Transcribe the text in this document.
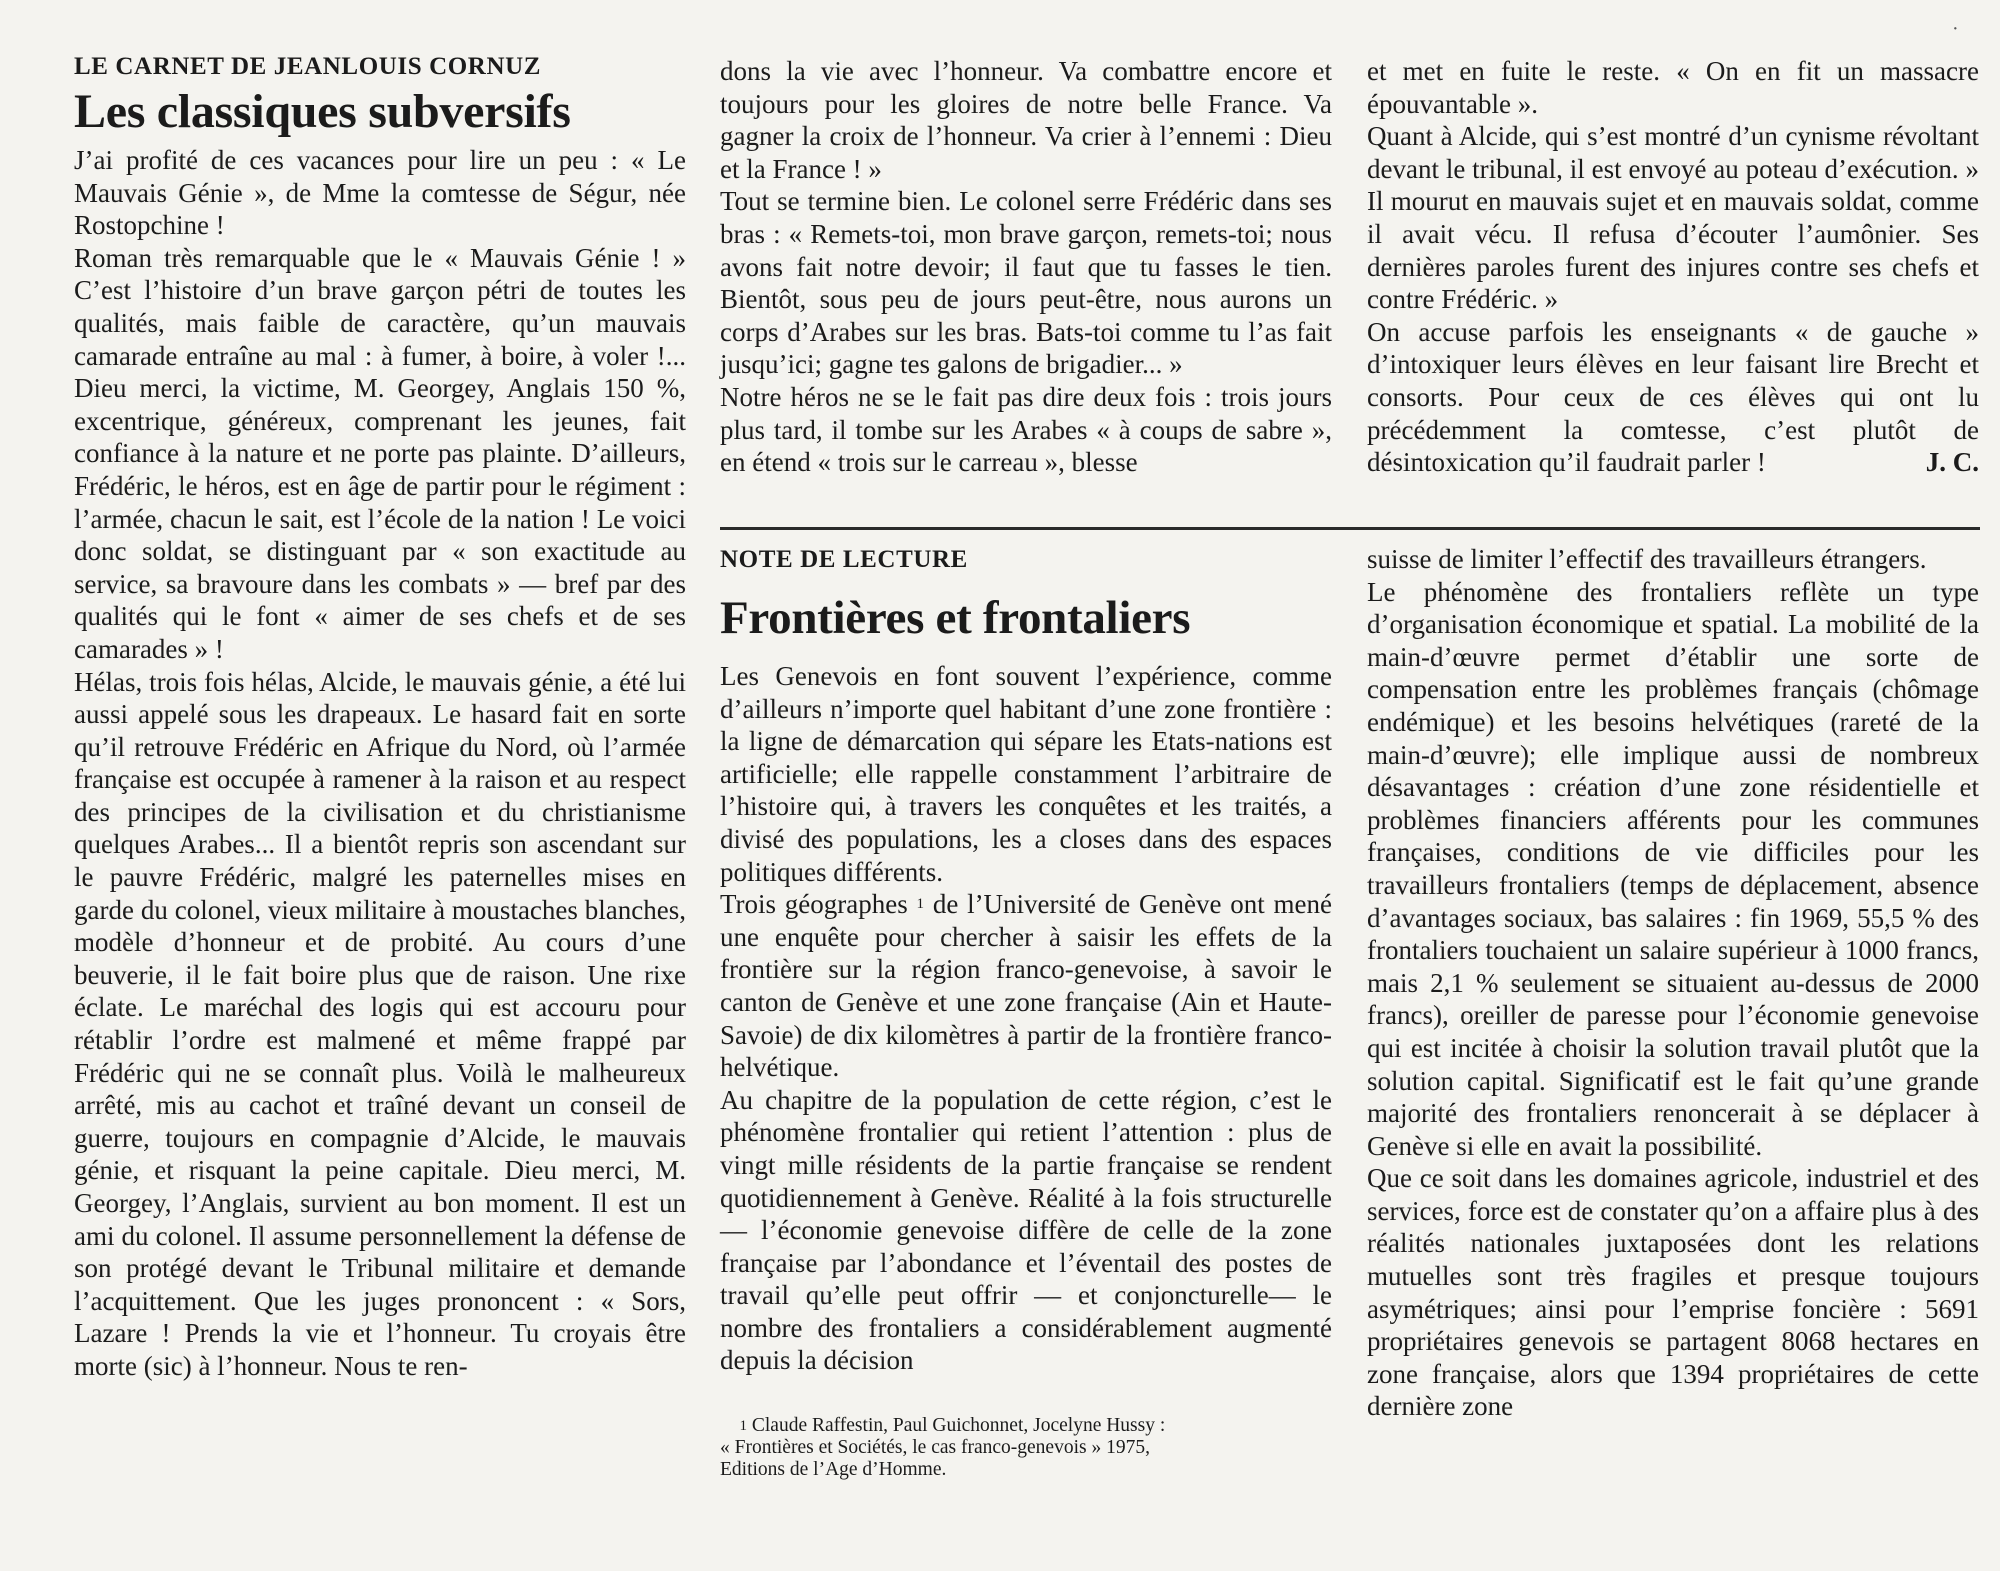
·
LE CARNET DE JEANLOUIS CORNUZ
Les classiques subversifs

J’ai profité de ces vacances pour lire un peu : « Le Mauvais Génie », de Mme la comtesse de Ségur, née Rostopchine !

Roman très remarquable que le « Mauvais Génie ! » C’est l’histoire d’un brave garçon pétri de toutes les qualités, mais faible de caractère, qu’un mauvais camarade entraîne au mal : à fumer, à boire, à voler !... Dieu merci, la victime, M. Georgey, Anglais 150 %, excentrique, généreux, comprenant les jeunes, fait confiance à la nature et ne porte pas plainte. D’ailleurs, Frédéric, le héros, est en âge de partir pour le régiment : l’armée, chacun le sait, est l’école de la nation ! Le voici donc soldat, se distinguant par « son exactitude au service, sa bravoure dans les combats » — bref par des qualités qui le font « aimer de ses chefs et de ses camarades » !

Hélas, trois fois hélas, Alcide, le mauvais génie, a été lui aussi appelé sous les drapeaux. Le hasard fait en sorte qu’il retrouve Frédéric en Afrique du Nord, où l’armée française est occupée à ramener à la raison et au respect des principes de la civilisation et du christianisme quelques Arabes... Il a bientôt repris son ascendant sur le pauvre Frédéric, malgré les paternelles mises en garde du colonel, vieux militaire à moustaches blanches, modèle d’honneur et de probité. Au cours d’une beuverie, il le fait boire plus que de raison. Une rixe éclate. Le maréchal des logis qui est accouru pour rétablir l’ordre est malmené et même frappé par Frédéric qui ne se connaît plus. Voilà le malheureux arrêté, mis au cachot et traîné devant un conseil de guerre, toujours en compagnie d’Alcide, le mauvais génie, et risquant la peine capitale. Dieu merci, M. Georgey, l’Anglais, survient au bon moment. Il est un ami du colonel. Il assume personnellement la défense de son protégé devant le Tribunal militaire et demande l’acquittement. Que les juges prononcent : « Sors, Lazare ! Prends la vie et l’honneur. Tu croyais être morte (sic) à l’honneur. Nous te ren-

dons la vie avec l’honneur. Va combattre encore et toujours pour les gloires de notre belle France. Va gagner la croix de l’honneur. Va crier à l’ennemi : Dieu et la France ! »

Tout se termine bien. Le colonel serre Frédéric dans ses bras : « Remets-toi, mon brave garçon, remets-toi; nous avons fait notre devoir; il faut que tu fasses le tien. Bientôt, sous peu de jours peut-être, nous aurons un corps d’Arabes sur les bras. Bats-toi comme tu l’as fait jusqu’ici; gagne tes galons de brigadier... »

Notre héros ne se le fait pas dire deux fois : trois jours plus tard, il tombe sur les Arabes « à coups de sabre », en étend « trois sur le carreau », blesse

et met en fuite le reste. « On en fit un massacre épouvantable ».

Quant à Alcide, qui s’est montré d’un cynisme révoltant devant le tribunal, il est envoyé au poteau d’exécution. » Il mourut en mauvais sujet et en mauvais soldat, comme il avait vécu. Il refusa d’écouter l’aumônier. Ses dernières paroles furent des injures contre ses chefs et contre Frédéric. »

On accuse parfois les enseignants « de gauche » d’intoxiquer leurs élèves en leur faisant lire Brecht et consorts. Pour ceux de ces élèves qui ont lu précédemment la comtesse, c’est plutôt de désintoxication qu’il faudrait parler !	J. C.

NOTE DE LECTURE
Frontières et frontaliers

Les Genevois en font souvent l’expérience, comme d’ailleurs n’importe quel habitant d’une zone frontière : la ligne de démarcation qui sépare les Etats-nations est artificielle; elle rappelle constamment l’arbitraire de l’histoire qui, à travers les conquêtes et les traités, a divisé des populations, les a closes dans des espaces politiques différents.

Trois géographes $^1$ de l’Université de Genève ont mené une enquête pour chercher à saisir les effets de la frontière sur la région franco-genevoise, à savoir le canton de Genève et une zone française (Ain et Haute-Savoie) de dix kilomètres à partir de la frontière franco-helvétique.

Au chapitre de la population de cette région, c’est le phénomène frontalier qui retient l’attention : plus de vingt mille résidents de la partie française se rendent quotidiennement à Genève. Réalité à la fois structurelle — l’économie genevoise diffère de celle de la zone française par l’abondance et l’éventail des postes de travail qu’elle peut offrir — et conjoncturelle— le nombre des frontaliers a considérablement augmenté depuis la décision

$^1$ Claude Raffestin, Paul Guichonnet, Jocelyne Hussy :

« Frontières et Sociétés, le cas franco-genevois » 1975,

Editions de l’Age d’Homme.

suisse de limiter l’effectif des travailleurs étrangers.

Le phénomène des frontaliers reflète un type d’organisation économique et spatial. La mobilité de la main-d’œuvre permet d’établir une sorte de compensation entre les problèmes français (chômage endémique) et les besoins helvétiques (rareté de la main-d’œuvre); elle implique aussi de nombreux désavantages : création d’une zone résidentielle et problèmes financiers afférents pour les communes françaises, conditions de vie difficiles pour les travailleurs frontaliers (temps de déplacement, absence d’avantages sociaux, bas salaires : fin 1969, 55,5 % des frontaliers touchaient un salaire supérieur à 1000 francs, mais 2,1 % seulement se situaient au-dessus de 2000 francs), oreiller de paresse pour l’économie genevoise qui est incitée à choisir la solution travail plutôt que la solution capital. Significatif est le fait qu’une grande majorité des frontaliers renoncerait à se déplacer à Genève si elle en avait la possibilité.

Que ce soit dans les domaines agricole, industriel et des services, force est de constater qu’on a affaire plus à des réalités nationales juxtaposées dont les relations mutuelles sont très fragiles et presque toujours asymétriques; ainsi pour l’emprise foncière : 5691 propriétaires genevois se partagent 8068 hectares en zone française, alors que 1394 propriétaires de cette dernière zone
